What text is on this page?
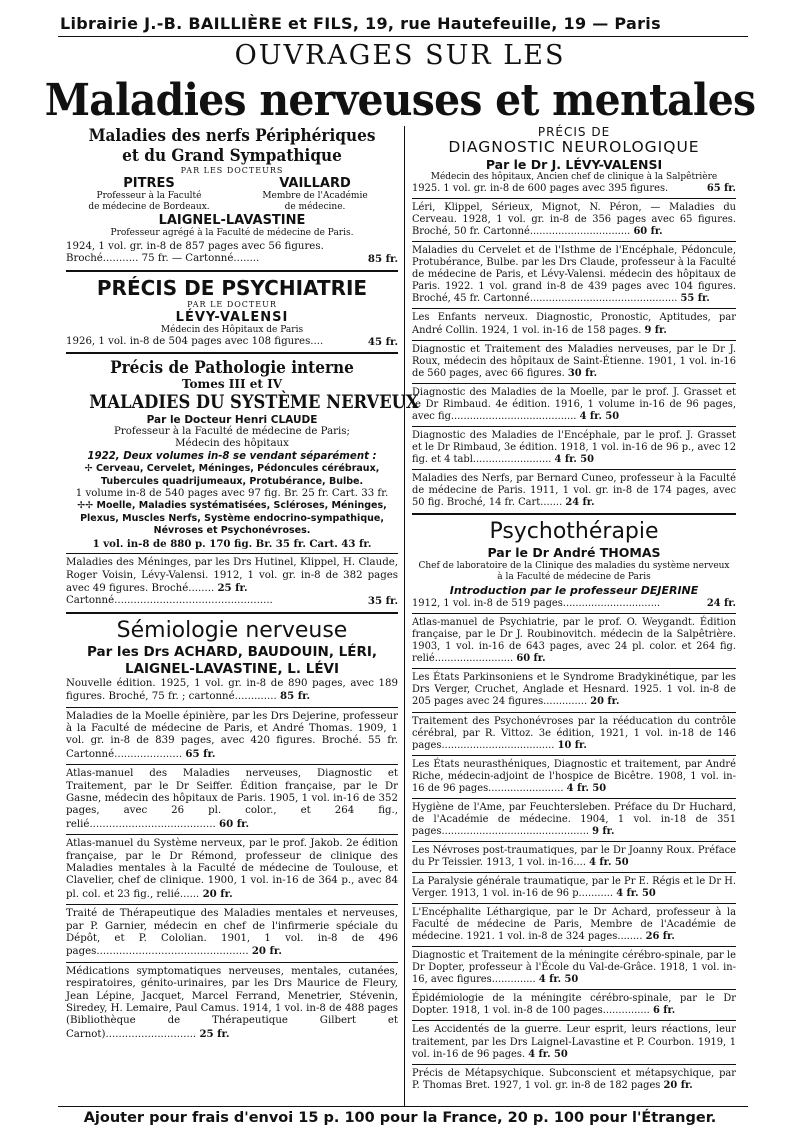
Librairie J.-B. BAILLIÈRE et FILS, 19, rue Hautefeuille, 19 — Paris
OUVRAGES SUR LES
Maladies nerveuses et mentales
Maladies des nerfs Périphériques
et du Grand Sympathique
PAR LES DOCTEURS
PITRES
Professeur à la Faculté
de médecine de Bordeaux.
VAILLARD
Membre de l'Académie
de médecine.
LAIGNEL-LAVASTINE
Professeur agrégé à la Faculté de médecine de Paris.
1924, 1 vol. gr. in-8 de 857 pages avec 56 figures.
Broché........... 75 fr. — Cartonné........	85 fr.
PRÉCIS DE PSYCHIATRIE
PAR LE DOCTEUR
LÉVY-VALENSI
Médecin des Hôpitaux de Paris
1926, 1 vol. in-8 de 504 pages avec 108 figures....	45 fr.
Précis de Pathologie interne
Tomes III et IV
MALADIES DU SYSTÈME NERVEUX
Par le Docteur Henri CLAUDE
Professeur à la Faculté de médecine de Paris;
Médecin des hôpitaux
1922, Deux volumes in-8 se vendant séparément :
✢ Cerveau, Cervelet, Méninges, Pédoncules cérébraux, Tubercules quadrijumeaux, Protubérance, Bulbe.
1 volume in-8 de 540 pages avec 97 fig. Br. 25 fr. Cart. 33 fr.
✢✢ Moelle, Maladies systématisées, Scléroses, Méninges, Plexus, Muscles Nerfs, Système endocrino-sympathique, Névroses et Psychonévroses.
1 vol. in-8 de 880 p. 170 fig. Br. 35 fr. Cart. 43 fr.
Maladies des Méninges, par les Drs Hutinel, Klippel, H. Claude, Roger Voisin, Lévy-Valensi. 1912, 1 vol. gr. in-8 de 382 pages avec 49 figures. Broché........ 25 fr.
Cartonné.................................................	35 fr.
Sémiologie nerveuse
Par les Drs ACHARD, BAUDOUIN, LÉRI,
LAIGNEL-LAVASTINE, L. LÉVI
Nouvelle édition. 1925, 1 vol. gr. in-8 de 890 pages, avec 189 figures. Broché, 75 fr. ; cartonné............. 85 fr.
Maladies de la Moelle épinière, par les Drs Dejerine, professeur à la Faculté de médecine de Paris, et André Thomas. 1909, 1 vol. gr. in-8 de 839 pages, avec 420 figures. Broché. 55 fr. Cartonné..................... 65 fr.
Atlas-manuel des Maladies nerveuses, Diagnostic et Traitement, par le Dr Seiffer. Édition française, par le Dr Gasne, médecin des hôpitaux de Paris. 1905, 1 vol. in-16 de 352 pages, avec 26 pl. color., et 264 fig., relié....................................... 60 fr.
Atlas-manuel du Système nerveux, par le prof. Jakob. 2e édition française, par le Dr Rémond, professeur de clinique des Maladies mentales à la Faculté de médecine de Toulouse, et Clavelier, chef de clinique. 1900, 1 vol. in-16 de 364 p., avec 84 pl. col. et 23 fig., relié...... 20 fr.
Traité de Thérapeutique des Maladies mentales et nerveuses, par P. Garnier, médecin en chef de l'infirmerie spéciale du Dépôt, et P. Cololian. 1901, 1 vol. in-8 de 496 pages............................................... 20 fr.
Médications symptomatiques nerveuses, mentales, cutanées, respiratoires, génito-urinaires, par les Drs Maurice de Fleury, Jean Lépine, Jacquet, Marcel Ferrand, Menetrier, Stévenin, Siredey, H. Lemaire, Paul Camus. 1914, 1 vol. in-8 de 488 pages (Bibliothèque de Thérapeutique Gilbert et Carnot)............................ 25 fr.
PRÉCIS DE
DIAGNOSTIC NEUROLOGIQUE
Par le Dr J. LÉVY-VALENSI
Médecin des hôpitaux, Ancien chef de clinique à la Salpêtrière
1925. 1 vol. gr. in-8 de 600 pages avec 395 figures.	65 fr.
Léri, Klippel, Sérieux, Mignot, N. Péron, — Maladies du Cerveau. 1928, 1 vol. gr. in-8 de 356 pages avec 65 figures. Broché, 50 fr. Cartonné................................ 60 fr.
Maladies du Cervelet et de l'Isthme de l'Encéphale, Pédoncule, Protubérance, Bulbe. par les Drs Claude, professeur à la Faculté de médecine de Paris, et Lévy-Valensi. médecin des hôpitaux de Paris. 1922. 1 vol. grand in-8 de 439 pages avec 104 figures. Broché, 45 fr. Cartonné............................................... 55 fr.
Les Enfants nerveux. Diagnostic, Pronostic, Aptitudes, par André Collin. 1924, 1 vol. in-16 de 158 pages. 9 fr.
Diagnostic et Traitement des Maladies nerveuses, par le Dr J. Roux, médecin des hôpitaux de Saint-Étienne. 1901, 1 vol. in-16 de 560 pages, avec 66 figures. 30 fr.
Diagnostic des Maladies de la Moelle, par le prof. J. Grasset et le Dr Rimbaud. 4e édition. 1916, 1 volume in-16 de 96 pages, avec fig........................................ 4 fr. 50
Diagnostic des Maladies de l'Encéphale, par le prof. J. Grasset et le Dr Rimbaud, 3e édition. 1918, 1 vol. in-16 de 96 p., avec 12 fig. et 4 tabl......................... 4 fr. 50
Maladies des Nerfs, par Bernard Cuneo, professeur à la Faculté de médecine de Paris. 1911, 1 vol. gr. in-8 de 174 pages, avec 50 fig. Broché, 14 fr. Cart....... 24 fr.
Psychothérapie
Par le Dr André THOMAS
Chef de laboratoire de la Clinique des maladies du système nerveux
à la Faculté de médecine de Paris
Introduction par le professeur DEJERINE
1912, 1 vol. in-8 de 519 pages...............................	24 fr.
Atlas-manuel de Psychiatrie, par le prof. O. Weygandt. Édition française, par le Dr J. Roubinovitch. médecin de la Salpêtrière. 1903, 1 vol. in-16 de 643 pages, avec 24 pl. color. et 264 fig. relié......................... 60 fr.
Les États Parkinsoniens et le Syndrome Bradykinétique, par les Drs Verger, Cruchet, Anglade et Hesnard. 1925. 1 vol. in-8 de 205 pages avec 24 figures.............. 20 fr.
Traitement des Psychonévroses par la rééducation du contrôle cérébral, par R. Vittoz. 3e édition, 1921, 1 vol. in-18 de 146 pages.................................... 10 fr.
Les États neurasthéniques, Diagnostic et traitement, par André Riche, médecin-adjoint de l'hospice de Bicêtre. 1908, 1 vol. in-16 de 96 pages........................ 4 fr. 50
Hygiène de l'Ame, par Feuchtersleben. Préface du Dr Huchard, de l'Académie de médecine. 1904, 1 vol. in-18 de 351 pages............................................... 9 fr.
Les Névroses post-traumatiques, par le Dr Joanny Roux. Préface du Pr Teissier. 1913, 1 vol. in-16.... 4 fr. 50
La Paralysie générale traumatique, par le Pr E. Régis et le Dr H. Verger. 1913, 1 vol. in-16 de 96 p........... 4 fr. 50
L'Encéphalite Léthargique, par le Dr Achard, professeur à la Faculté de médecine de Paris, Membre de l'Académie de médecine. 1921. 1 vol. in-8 de 324 pages........ 26 fr.
Diagnostic et Traitement de la méningite cérébro-spinale, par le Dr Dopter, professeur à l'École du Val-de-Grâce. 1918, 1 vol. in-16, avec figures.............. 4 fr. 50
Épidémiologie de la méningite cérébro-spinale, par le Dr Dopter. 1918, 1 vol. in-8 de 100 pages............... 6 fr.
Les Accidentés de la guerre. Leur esprit, leurs réactions, leur traitement, par les Drs Laignel-Lavastine et P. Courbon. 1919, 1 vol. in-16 de 96 pages. 4 fr. 50
Précis de Métapsychique. Subconscient et métapsychique, par P. Thomas Bret. 1927, 1 vol. gr. in-8 de 182 pages 20 fr.
Ajouter pour frais d'envoi 15 p. 100 pour la France, 20 p. 100 pour l'Étranger.
